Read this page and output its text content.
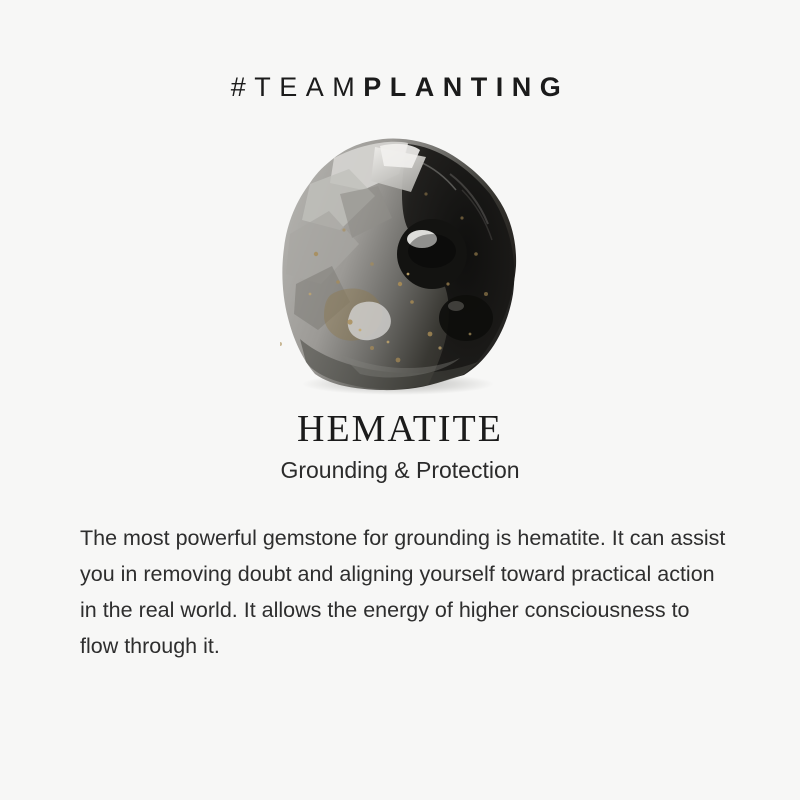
#TEAMPLANTING
HEMATITE

Grounding & Protection

The most powerful gemstone for grounding is hematite. It can assist you in removing doubt and aligning yourself toward practical action in the real world. It allows the energy of higher consciousness to flow through it.
